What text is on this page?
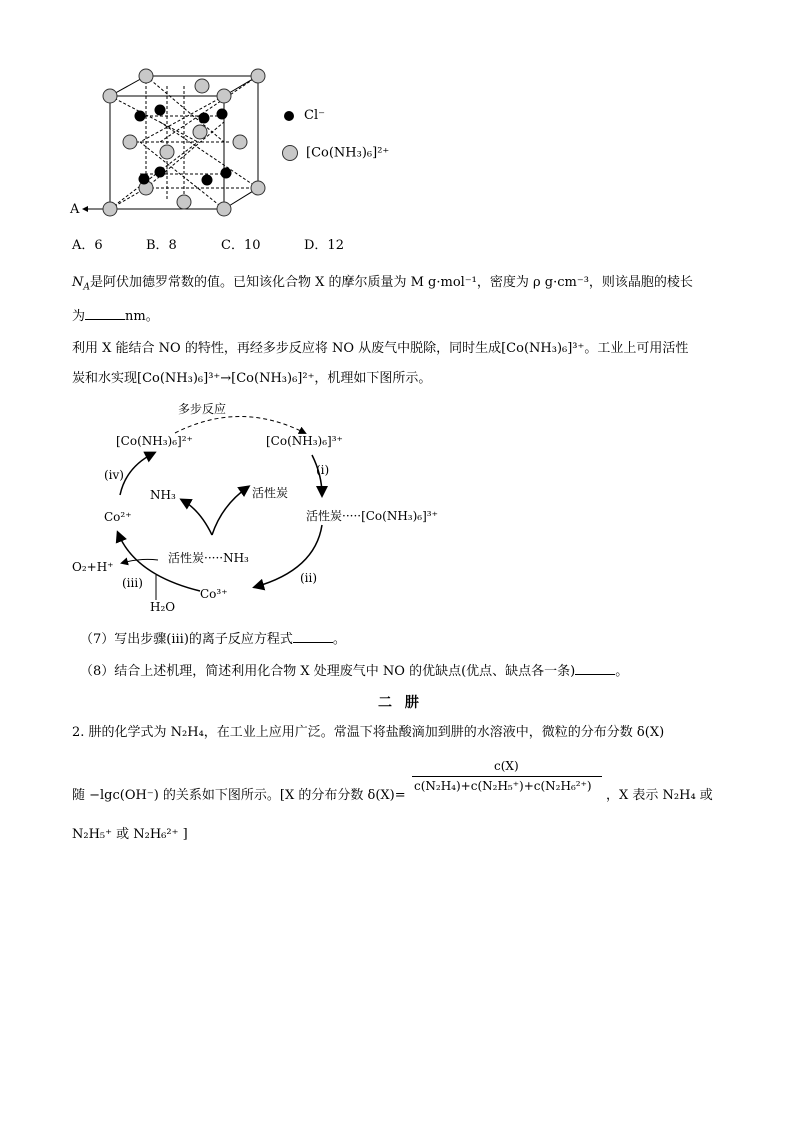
A
Cl⁻
[Co(NH₃)₆]²⁺
A．6	B．8	C．10	D．12
$N_A$是阿伏加德罗常数的值。已知该化合物 X 的摩尔质量为 M g·mol⁻¹，密度为 ρ g·cm⁻³，则该晶胞的棱长
为	nm。
利用 X 能结合 NO 的特性，再经多步反应将 NO 从废气中脱除，同时生成[Co(NH₃)₆]³⁺。工业上可用活性
炭和水实现[Co(NH₃)₆]³⁺→[Co(NH₃)₆]²⁺，机理如下图所示。
多步反应
[Co(NH₃)₆]²⁺	[Co(NH₃)₆]³⁺
(i)
(iv)
NH₃	活性炭
Co²⁺	活性炭·····[Co(NH₃)₆]³⁺
活性炭·····NH₃
O₂+H⁺
(iii)	(ii)
Co³⁺
H₂O
（7）写出步骤(iii)的离子反应方程式	。
（8）结合上述机理，简述利用化合物 X 处理废气中 NO 的优缺点(优点、缺点各一条)	。
二 肼
2. 肼的化学式为 N₂H₄，在工业上应用广泛。常温下将盐酸滴加到肼的水溶液中，微粒的分布分数 δ(X)
c(X)
c(N₂H₄)+c(N₂H₅⁺)+c(N₂H₆²⁺)
随 −lgc(OH⁻) 的关系如下图所示。[X 的分布分数 δ(X)=	，X 表示 N₂H₄ 或
N₂H₅⁺ 或 N₂H₆²⁺ ]
